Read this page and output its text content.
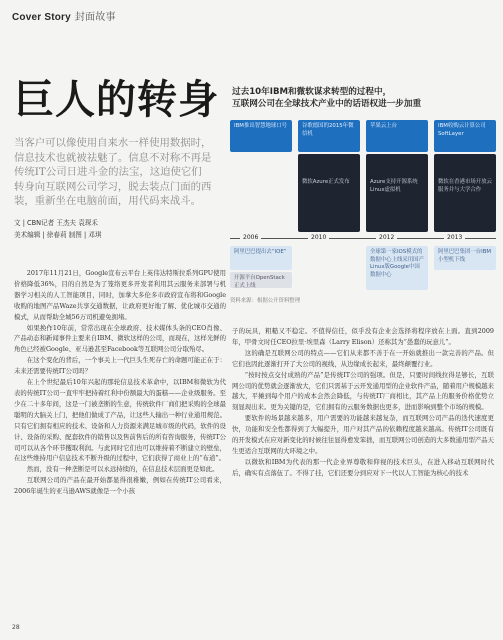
Cover Story 封面故事
巨人的转身 过去10年IBM和微软谋求转型的过程中，
互联网公司在全球技术产业中的话语权进一步加重
当客户可以像使用自来水一样使用数据时，信息技术也就被祛魅了。信息不对称不再是传统IT公司日进斗金的法宝，这迫使它们转身向互联网公司学习，脱去装点门面的西装，重新坐在电脑前面，用代码来战斗。
文 | CBN记者 王杰夫 袁琛禾
美术编辑 | 徐春莉 制图 | 邓琪
IBM推出智慧地球口号	谷歌德国的2015年微信机
苹果云上台	IBM收购云计算公司SoftLayer
微软Azure正式发布	Azure支持开源系统Linux虚拟机
微软在香港市场开放云服务并与大学合作
2006	2010	2012	2013
阿里巴巴提出去“IOE”
开源平台OpenStack正式上线
全球第一家IOS模式的数据中心上线采用国产Linux版Google中国数据中心
阿里巴巴集团一台IBM小型机下线
资料来源：根据公开资料整理

2017年11月21日，Google宣布云平台上英伟达特斯拉系列GPU使用价格降低36%，目的自然是为了笼络更多开发者利用其云服务来部署与机器学习相关的人工智能项目，同时，加拿大多伦多市政府宣布将和Google收购的地图产品Waze共享交通数据，让政府更好地了解、优化城市交通的模式，从而帮助全城56万司机避免拥堵。

如果换作10年前，常常出现在全球政府、技术媒体头条的CEO肖像、产品动态和新闻事件主要来自IBM、微软这样的公司，而现在，这样光鲜的角色已经被Google、亚马逊甚至Facebook等互联网公司分取殆尽。

在这个变化的背后，一个事关上一代巨头生死存亡的命题可能正在于：未来还需要传统IT公司吗？

在上个世纪最后10年兴起的那轮信息技术革命中，以IBM和微软为代表的传统IT公司一直牢牢把持着红利中份额最大的蛋糕——企业级服务。至少在二十多年间，这是一门被垄断的生意，传统软件厂商们把采购的全球最聪明的大脑关上门，把他们做成了产品，让这些人输出一种行业通用规范。只有它们拥有相应的技术、设备和人力资源来满足城市级的代码，软件的设计、设备的采购、配套软件的销售以及售前售后的所有咨询服务，传统IT公司可以从各个环节攫取利润。与此同时它们也可以维持着不断建立的壁垒，在这些维持用户信息技术不断升级的过程中，它们获得了商业上的“布道”。

然而，没有一种垄断是可以永远持续的，在信息技术层面更是如此。

互联网公司的产品在最开始都显得很稚嫩，例如在传统IT公司看来，2006年诞生的亚马逊AWS就像是一个小孩

子的玩具，粗糙又不稳定。不值得信任，似乎没有企业会选择将程序放在上面。直到2009年，甲骨文时任CEO拉里·埃里森（Larry Elison）还称其为“愚蠢的玩意儿”。

这的确是互联网公司的特点——它们从来都不善于在一开始就推出一款完善的产品。但它们也因此逐渐打开了大公司的视线，从边缘成长起来，最终颠覆行业。

“按时按点交付成熟的产品”是传统IT公司的强项。但是，只要时间线拉得足够长，互联网公司的优势就会逐渐放大，它们只需基于云开发通用型的企业软件产品，随着用户规模越来越大，平摊到每个用户的成本会然会降低，与传统IT厂商相比，其产品上的服务价格优势立刻显现出来。更为关键的是，它们拥有的云服务数据也更多，进而影响到整个市场的规模。

要软件的场景越来越多，用户需要的功能越来越复杂，而互联网公司产品的迭代速度更快，功能和安全性都得到了大幅提升，用户对其产品的依赖程度越来越高。传统IT公司既有的开发模式在应对新变化的时候往往显得愈发笨拙，而互联网公司创造的大多数通用型产品天生更适合互联网的大环境之中。

以微软和IBM为代表的那一代企业界尊敬和仰视的技术巨头，在进入移动互联网时代后，确实有点落伍了。不得了挂，它们还要分到应对下一代以人工智能为核心的技术

28
